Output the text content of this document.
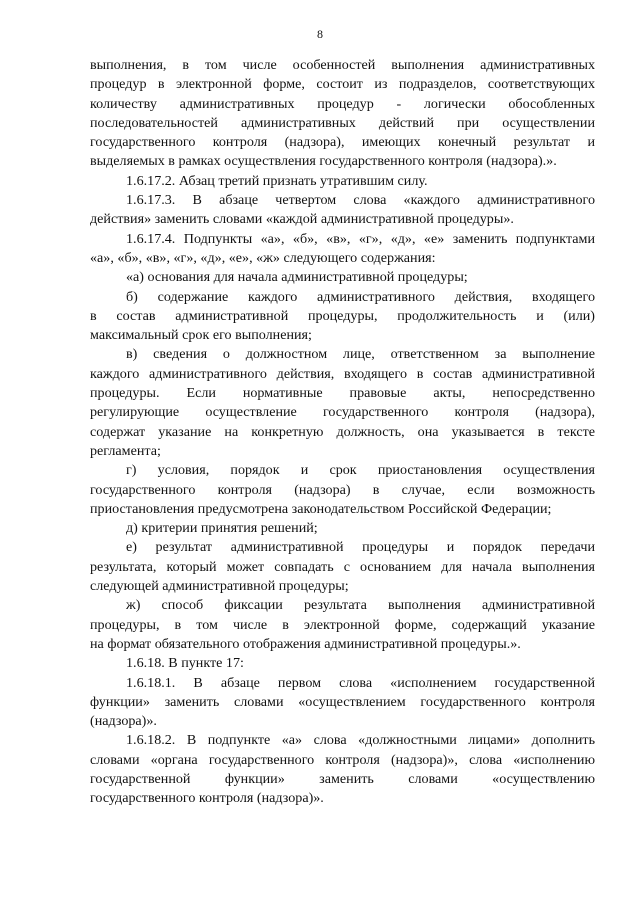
8
выполнения, в том числе особенностей выполнения административных
процедур в электронной форме, состоит из подразделов, соответствующих
количеству административных процедур - логически обособленных
последовательностей административных действий при осуществлении
государственного контроля (надзора), имеющих конечный результат и
выделяемых в рамках осуществления государственного контроля (надзора).».
1.6.17.2. Абзац третий признать утратившим силу.
1.6.17.3. В абзаце четвертом слова «каждого административного
действия» заменить словами «каждой административной процедуры».
1.6.17.4. Подпункты «а», «б», «в», «г», «д», «е» заменить подпунктами
«а», «б», «в», «г», «д», «е», «ж» следующего содержания:
«а) основания для начала административной процедуры;
б) содержание каждого административного действия, входящего
в состав административной процедуры, продолжительность и (или)
максимальный срок его выполнения;
в) сведения о должностном лице, ответственном за выполнение
каждого административного действия, входящего в состав административной
процедуры. Если нормативные правовые акты, непосредственно
регулирующие осуществление государственного контроля (надзора),
содержат указание на конкретную должность, она указывается в тексте
регламента;
г) условия, порядок и срок приостановления осуществления
государственного контроля (надзора) в случае, если возможность
приостановления предусмотрена законодательством Российской Федерации;
д) критерии принятия решений;
е) результат административной процедуры и порядок передачи
результата, который может совпадать с основанием для начала выполнения
следующей административной процедуры;
ж) способ фиксации результата выполнения административной
процедуры, в том числе в электронной форме, содержащий указание
на формат обязательного отображения административной процедуры.».
1.6.18. В пункте 17:
1.6.18.1. В абзаце первом слова «исполнением государственной
функции» заменить словами «осуществлением государственного контроля
(надзора)».
1.6.18.2. В подпункте «а» слова «должностными лицами» дополнить
словами «органа государственного контроля (надзора)», слова «исполнению
государственной функции» заменить словами «осуществлению
государственного контроля (надзора)».
